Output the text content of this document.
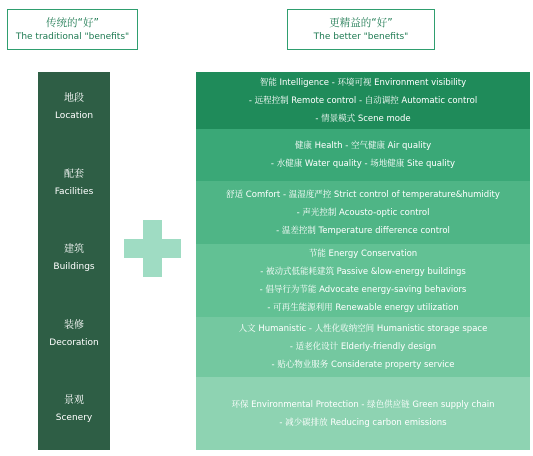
传统的“好”
The traditional "benefits"
更精益的“好”
The better "benefits"
地段
Location
配套
Facilities
建筑
Buildings
装修
Decoration
景观
Scenery
智能 Intelligence - 环境可视 Environment visibility
- 远程控制 Remote control - 自动调控 Automatic control
- 情景模式 Scene mode
健康 Health - 空气健康 Air quality
- 水健康 Water quality - 场地健康 Site quality
舒适 Comfort - 温湿度严控 Strict control of temperature&humidity
- 声光控制 Acousto-optic control
- 温差控制 Temperature difference control
节能 Energy Conservation
- 被动式低能耗建筑 Passive &low-energy buildings
- 倡导行为节能 Advocate energy-saving behaviors
- 可再生能源利用 Renewable energy utilization
人文 Humanistic - 人性化收纳空间 Humanistic storage space
- 适老化设计 Elderly-friendly design
- 贴心物业服务 Considerate property service
环保 Environmental Protection - 绿色供应链 Green supply chain
- 减少碳排放 Reducing carbon emissions
